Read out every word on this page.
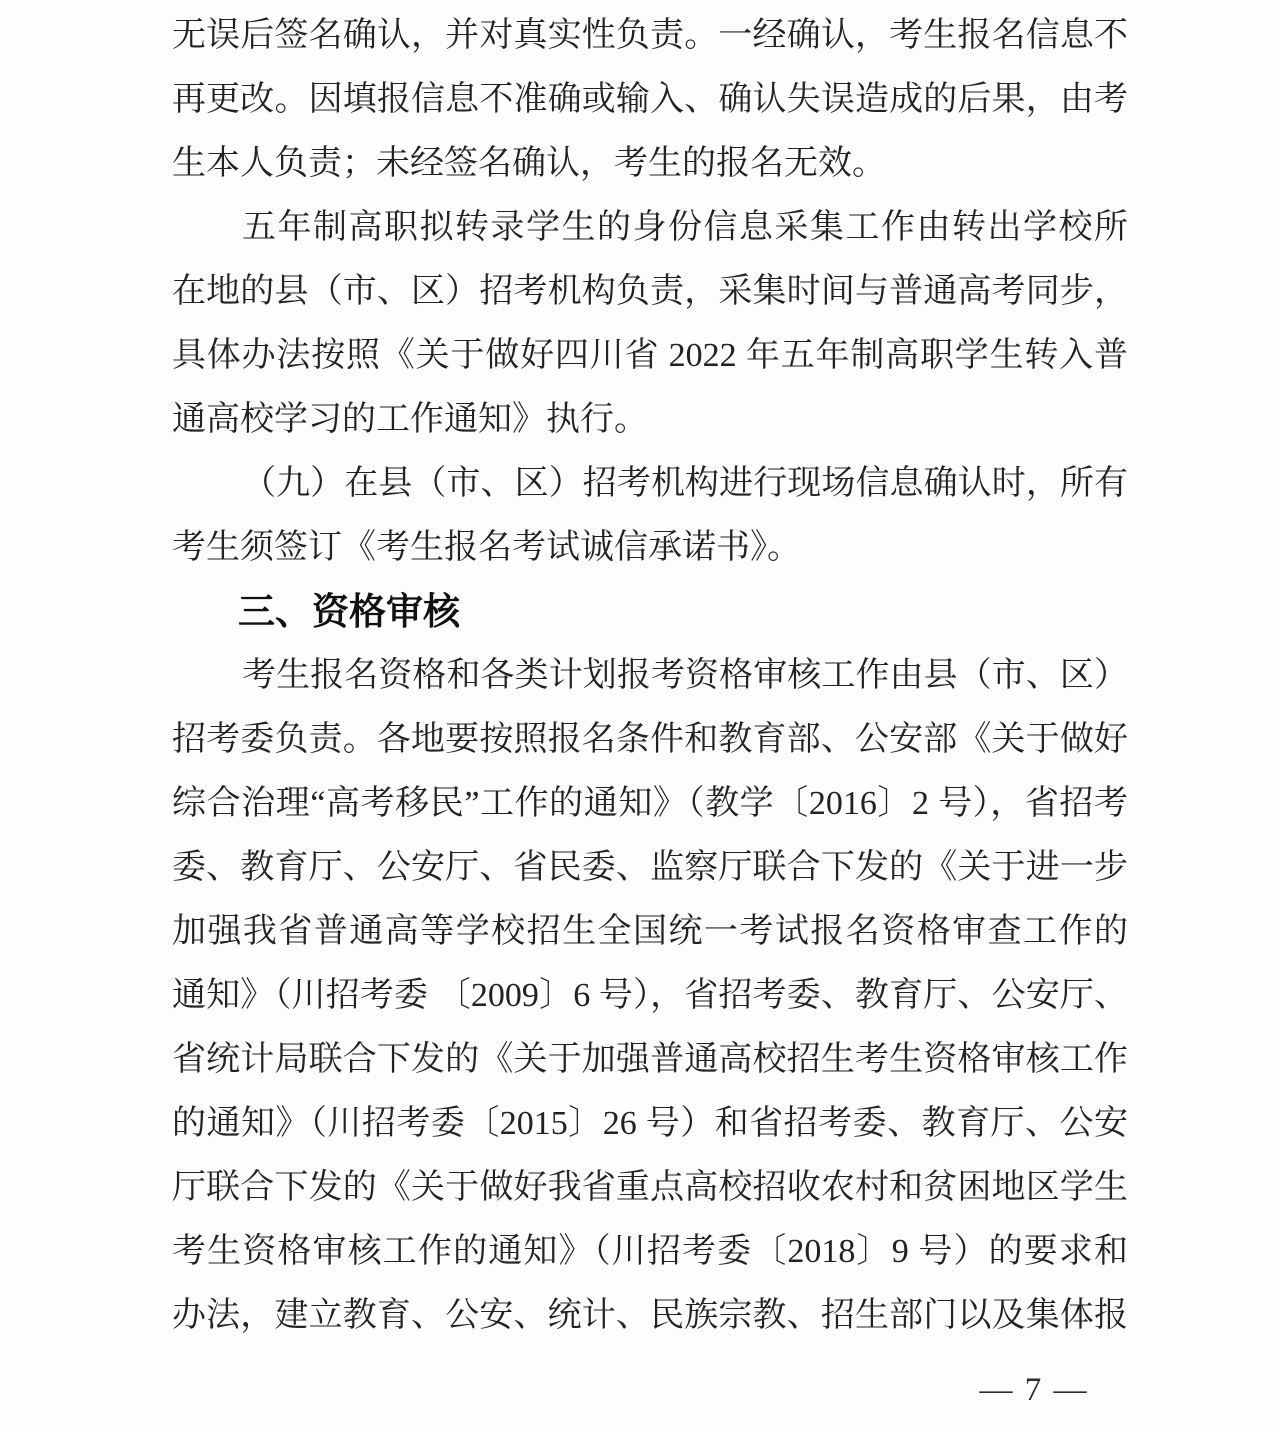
无误后签名确认，并对真实性负责。一经确认，考生报名信息不
再更改。因填报信息不准确或输入、确认失误造成的后果，由考
生本人负责；未经签名确认，考生的报名无效。
五年制高职拟转录学生的身份信息采集工作由转出学校所
在地的县（市、区）招考机构负责，采集时间与普通高考同步，
具体办法按照《关于做好四川省 2022 年五年制高职学生转入普
通高校学习的工作通知》执行。
（九）在县（市、区）招考机构进行现场信息确认时，所有
考生须签订《考生报名考试诚信承诺书》。
三、资格审核
考生报名资格和各类计划报考资格审核工作由县（市、区）
招考委负责。各地要按照报名条件和教育部、公安部《关于做好
综合治理“高考移民”工作的通知》（教学〔2016〕2 号），省招考
委、教育厅、公安厅、省民委、监察厅联合下发的《关于进一步
加强我省普通高等学校招生全国统一考试报名资格审查工作的
通知》（川招考委 〔2009〕6 号），省招考委、教育厅、公安厅、
省统计局联合下发的《关于加强普通高校招生考生资格审核工作
的通知》（川招考委〔2015〕26 号）和省招考委、教育厅、公安
厅联合下发的《关于做好我省重点高校招收农村和贫困地区学生
考生资格审核工作的通知》（川招考委〔2018〕9 号）的要求和
办法，建立教育、公安、统计、民族宗教、招生部门以及集体报
— 7 —
